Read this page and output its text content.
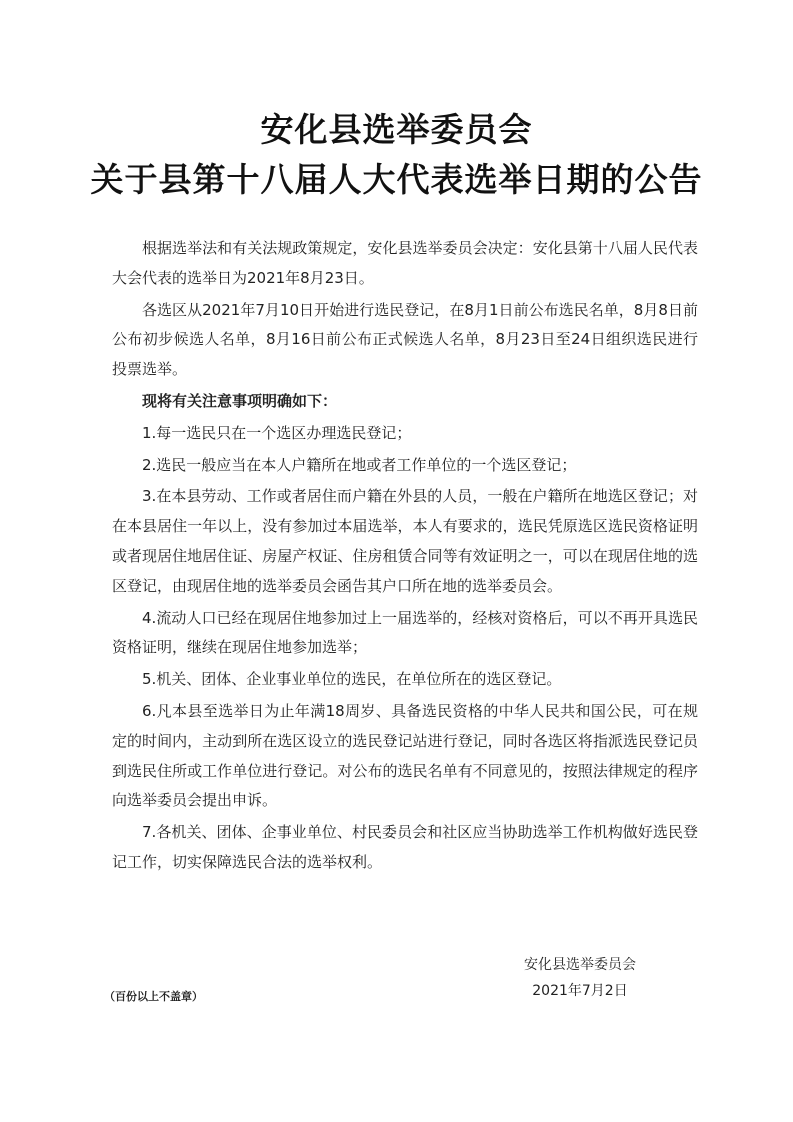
安化县选举委员会
关于县第十八届人大代表选举日期的公告

根据选举法和有关法规政策规定，安化县选举委员会决定：安化县第十八届人民代表大会代表的选举日为2021年8月23日。

各选区从2021年7月10日开始进行选民登记，在8月1日前公布选民名单，8月8日前公布初步候选人名单，8月16日前公布正式候选人名单，8月23日至24日组织选民进行投票选举。

现将有关注意事项明确如下：

1.每一选民只在一个选区办理选民登记；

2.选民一般应当在本人户籍所在地或者工作单位的一个选区登记；

3.在本县劳动、工作或者居住而户籍在外县的人员，一般在户籍所在地选区登记；对在本县居住一年以上，没有参加过本届选举，本人有要求的，选民凭原选区选民资格证明或者现居住地居住证、房屋产权证、住房租赁合同等有效证明之一，可以在现居住地的选区登记，由现居住地的选举委员会函告其户口所在地的选举委员会。

4.流动人口已经在现居住地参加过上一届选举的，经核对资格后，可以不再开具选民资格证明，继续在现居住地参加选举；

5.机关、团体、企业事业单位的选民，在单位所在的选区登记。

6.凡本县至选举日为止年满18周岁、具备选民资格的中华人民共和国公民，可在规定的时间内，主动到所在选区设立的选民登记站进行登记，同时各选区将指派选民登记员到选民住所或工作单位进行登记。对公布的选民名单有不同意见的，按照法律规定的程序向选举委员会提出申诉。

7.各机关、团体、企事业单位、村民委员会和社区应当协助选举工作机构做好选民登记工作，切实保障选民合法的选举权利。

安化县选举委员会
2021年7月2日
（百份以上不盖章）
